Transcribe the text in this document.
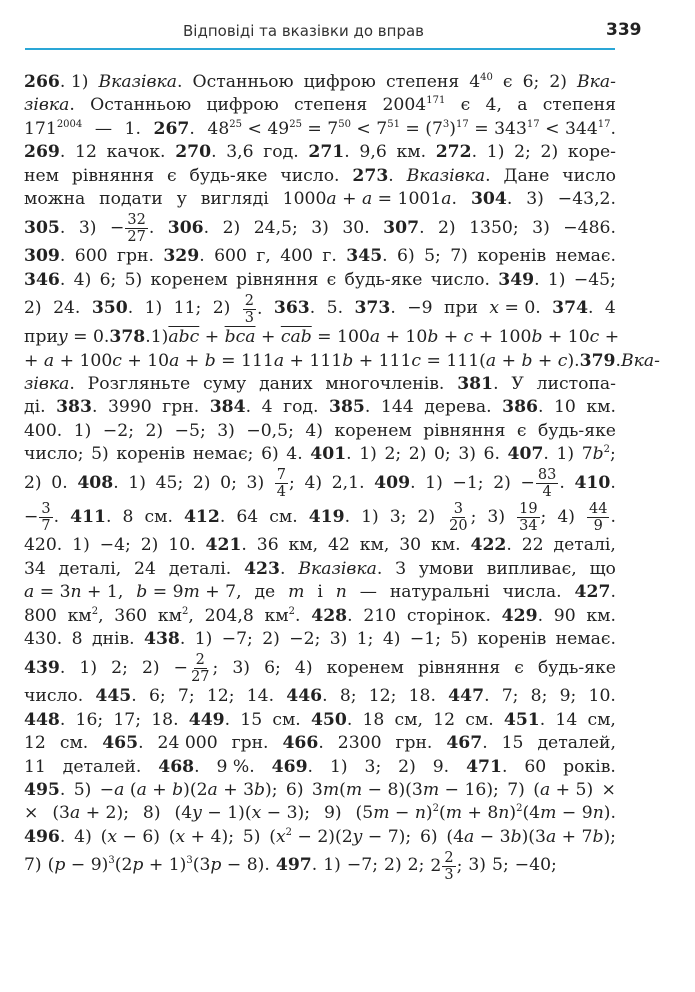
Відповіді та вказівки до вправ	339
266. 1) Вказівка. Останньою цифрою степеня $4^{40}$ є 6; 2) Вка-
зівка. Останньою цифрою степеня 2004$^{171}$ є 4, а степеня
$171^{2004}$ — 1. 267. $48^{25} < 49^{25} = 7^{50} < 7^{51} = (7^3)^{17} = 343^{17} < 344^{17}$.
269. 12 качок. 270. 3,6 год. 271. 9,6 км. 272. 1) 2; 2) коре-
нем рівняння є будь-яке число. 273. Вказівка. Дане число
можна подати у вигляді 1000a + a = 1001a. 304. 3) −43,2.
305. $3) - \frac{32}{27}$ . 306. 2) 24,5; 3) 30. 307. 2) 1350; 3) −486.
309. 600 грн. 329. 600 г, 400 г. 345. 6) 5; 7) коренів немає.
346. 4) 6; 5) коренем рівняння є будь-яке число. 349. 1) −45;
2) 24. 350. 1) 11; $2) \frac{2}{3}$ . 363. 5. 373. −9 при x = 0. 374. 4
при y = 0. 378. 1) $\overline{abc} + \overline{bca} + \overline{cab} = 100a + 10b + c + 100b + 10c$ +
+ a + 100c + 10a + b = 111a + 111b + 111c = 111(a + b + c). 379. Вка-
зівка. Розгляньте суму даних многочленів. 381. У листопа-
ді. 383. 3990 грн. 384. 4 год. 385. 144 дерева. 386. 10 км.
400. 1) −2; 2) −5; 3) −0,5; 4) коренем рівняння є будь-яке
число; 5) коренів немає; 6) 4. 401. 1) 2; 2) 0; 3) 6. 407. 1) $7b^2$;
2) 0. 408. 1) 45; 2) 0; $3) \frac{7}{4}$ ; 4) 2,1. 409. 1) −1; $2) - \frac{83}{4}$ . 410.
− $\frac{3}{7}$ . 411. 8 см. 412. 64 см. 419. 1) 3; $2) \frac{3}{20}$ ; $3) \frac{19}{34}$ ; $4) \frac{44}{9}$ .
420. 1) −4; 2) 10. 421. 36 км, 42 км, 30 км. 422. 22 деталі,
34 деталі, 24 деталі. 423. Вказівка. З умови випливає, що
a = 3n + 1, b = 9m + 7, де m і n — натуральні числа. 427.
800 $км^2$, 360 $км^2$, 204,8 $км^2$. 428. 210 сторінок. 429. 90 км.
430. 8 днів. 438. 1) −7; 2) −2; 3) 1; 4) −1; 5) коренів немає.
439. 1) 2; $2) - \frac{2}{27}$ ; 3) 6; 4) коренем рівняння є будь-яке
число. 445. 6; 7; 12; 14. 446. 8; 12; 18. 447. 7; 8; 9; 10.
448. 16; 17; 18. 449. 15 см. 450. 18 см, 12 см. 451. 14 см,
12 см. 465. 24 000 грн. 466. 2300 грн. 467. 15 деталей,
11 деталей. 468. 9 %. 469. 1) 3; 2) 9. 471. 60 років.
495. 5) −a (a + b)(2a + 3b); 6) 3m(m − 8)(3m − 16); 7) (a + 5) ×
× (3a + 2); 8) (4y − 1)(x − 3); 9) $(5m - n)^2(m + 8n)^2(4m - 9n)$.
496. 4) (x − 6) (x + 4); 5) $(x^2 - 2)(2y - 7)$; 6) (4a − 3b)(3a + 7b);
7) $(p - 9)^3(2p + 1)^3(3p - 8)$. 497. 1) −7; 2) 2; $2 \frac{2}{3}$ ; 3) 5; −40;
